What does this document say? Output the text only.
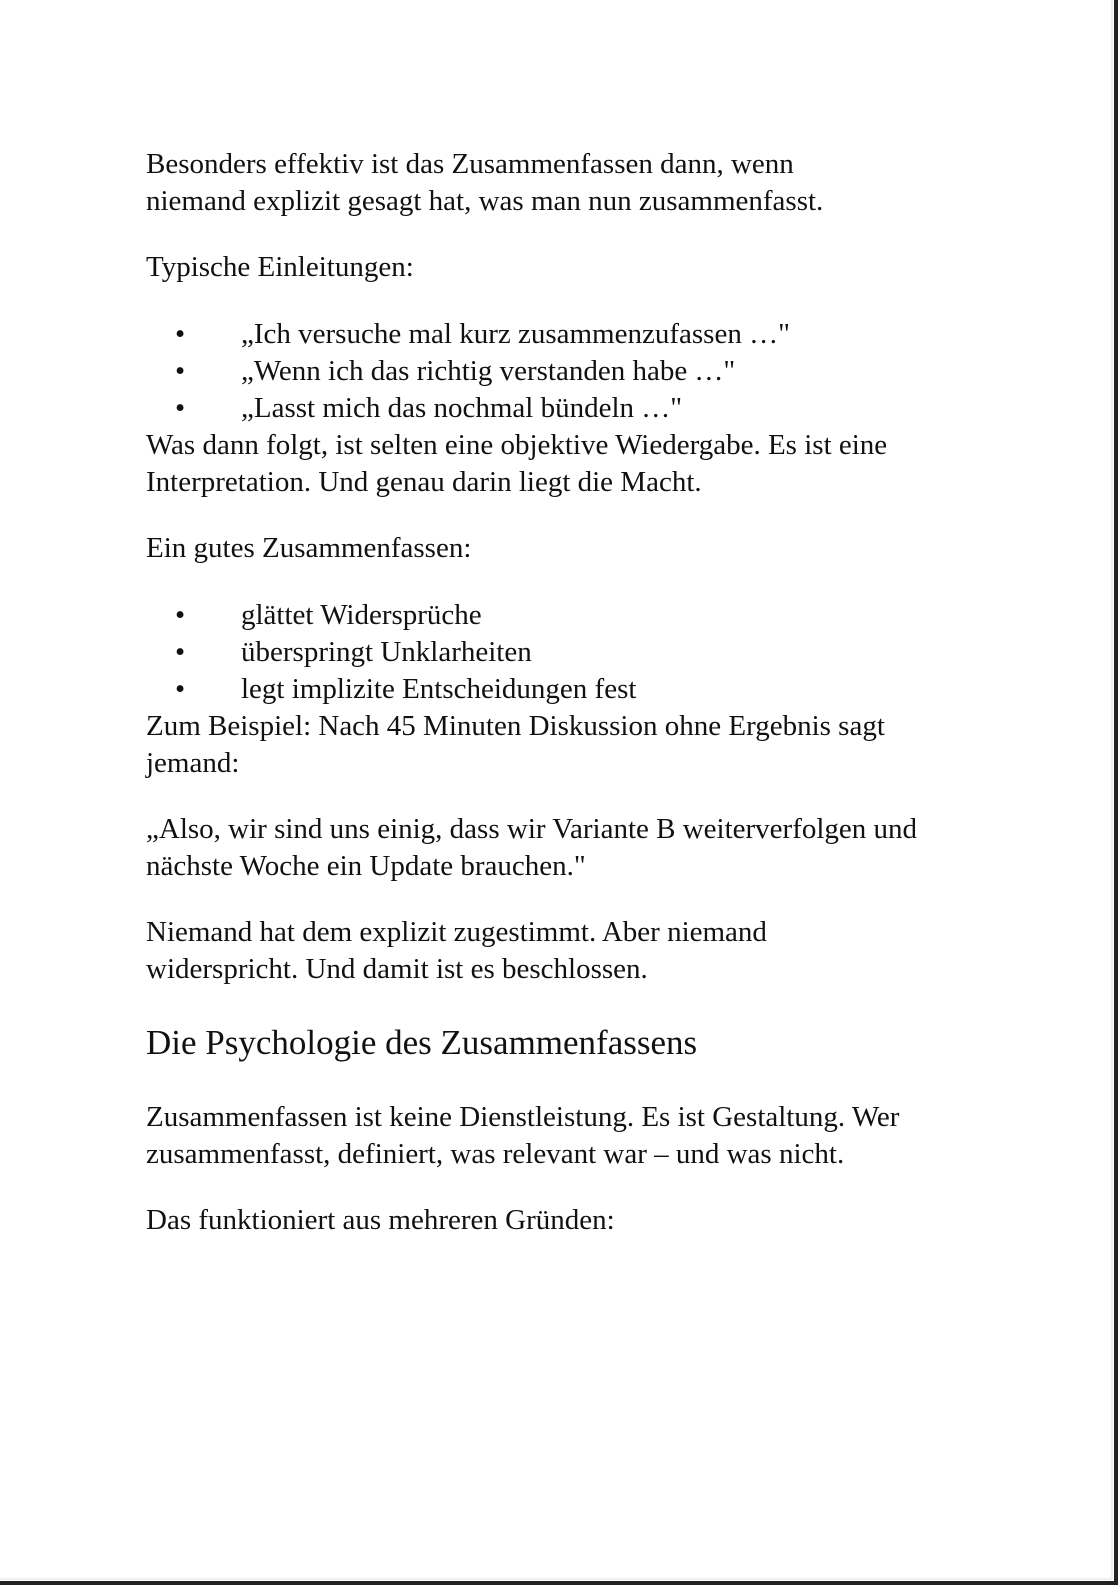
Besonders effektiv ist das Zusammenfassen dann, wenn niemand explizit gesagt hat, was man nun zusammenfasst.

Typische Einleitungen:

• „Ich versuche mal kurz zusammenzufassen …"
• „Wenn ich das richtig verstanden habe …"
• „Lasst mich das nochmal bündeln …"

Was dann folgt, ist selten eine objektive Wiedergabe. Es ist eine Interpretation. Und genau darin liegt die Macht.

Ein gutes Zusammenfassen:

• glättet Widersprüche
• überspringt Unklarheiten
• legt implizite Entscheidungen fest

Zum Beispiel: Nach 45 Minuten Diskussion ohne Ergebnis sagt jemand:

„Also, wir sind uns einig, dass wir Variante B weiterverfolgen und nächste Woche ein Update brauchen."

Niemand hat dem explizit zugestimmt. Aber niemand widerspricht. Und damit ist es beschlossen.

Die Psychologie des Zusammenfassens

Zusammenfassen ist keine Dienstleistung. Es ist Gestaltung. Wer zusammenfasst, definiert, was relevant war – und was nicht.

Das funktioniert aus mehreren Gründen:
